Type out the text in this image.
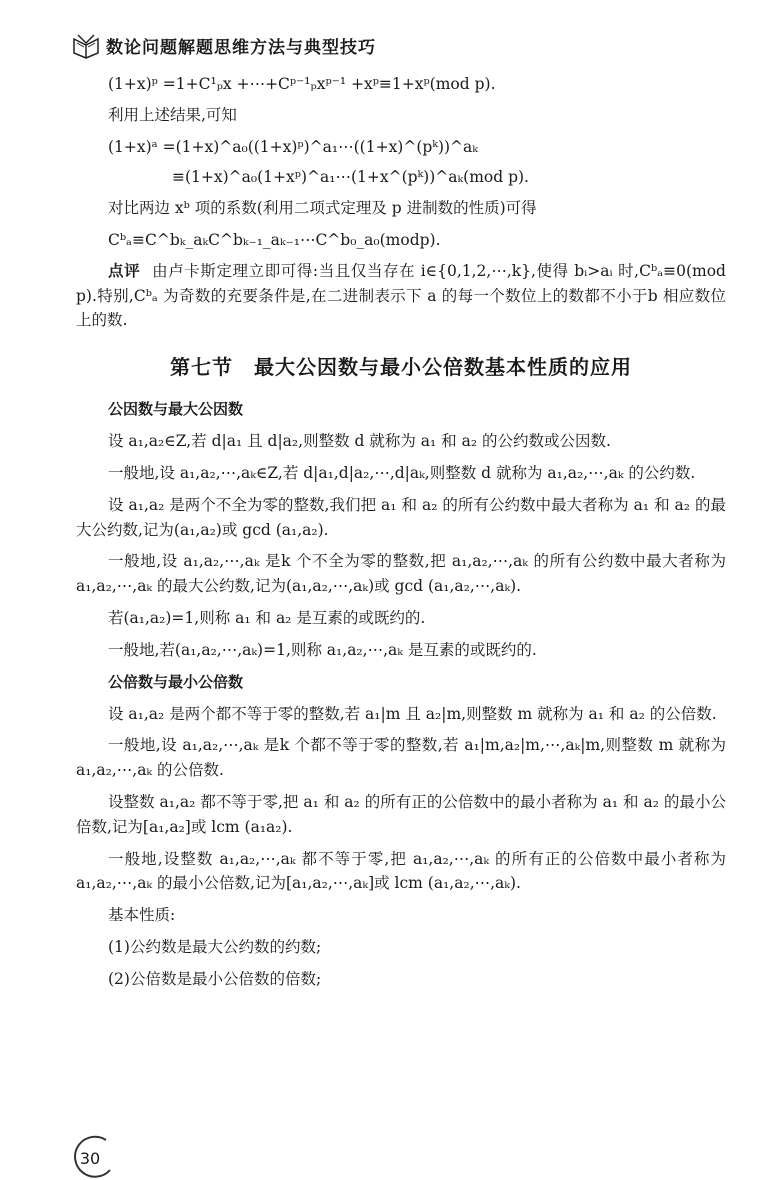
数论问题解题思维方法与典型技巧

(1+x)ᵖ =1+C¹ₚx +⋯+Cᵖ⁻¹ₚxᵖ⁻¹ +xᵖ≡1+xᵖ(mod p).

利用上述结果,可知

(1+x)ᵃ =(1+x)^a₀((1+x)ᵖ)^a₁⋯((1+x)^(pᵏ))^aₖ

≡(1+x)^a₀(1+xᵖ)^a₁⋯(1+x^(pᵏ))^aₖ(mod p).

对比两边 xᵇ 项的系数(利用二项式定理及 p 进制数的性质)可得

Cᵇₐ≡C^bₖ_aₖC^bₖ₋₁_aₖ₋₁⋯C^b₀_a₀(modp).

点评 由卢卡斯定理立即可得:当且仅当存在 i∈{0,1,2,⋯,k},使得 bᵢ>aᵢ 时,Cᵇₐ≡0(mod p).特别,Cᵇₐ 为奇数的充要条件是,在二进制表示下 a 的每一个数位上的数都不小于b 相应数位上的数.

第七节　最大公因数与最小公倍数基本性质的应用
公因数与最大公因数

设 a₁,a₂∈Z,若 d|a₁ 且 d|a₂,则整数 d 就称为 a₁ 和 a₂ 的公约数或公因数.

一般地,设 a₁,a₂,⋯,aₖ∈Z,若 d|a₁,d|a₂,⋯,d|aₖ,则整数 d 就称为 a₁,a₂,⋯,aₖ 的公约数.

设 a₁,a₂ 是两个不全为零的整数,我们把 a₁ 和 a₂ 的所有公约数中最大者称为 a₁ 和 a₂ 的最大公约数,记为(a₁,a₂)或 gcd (a₁,a₂).

一般地,设 a₁,a₂,⋯,aₖ 是k 个不全为零的整数,把 a₁,a₂,⋯,aₖ 的所有公约数中最大者称为 a₁,a₂,⋯,aₖ 的最大公约数,记为(a₁,a₂,⋯,aₖ)或 gcd (a₁,a₂,⋯,aₖ).

若(a₁,a₂)=1,则称 a₁ 和 a₂ 是互素的或既约的.

一般地,若(a₁,a₂,⋯,aₖ)=1,则称 a₁,a₂,⋯,aₖ 是互素的或既约的.

公倍数与最小公倍数

设 a₁,a₂ 是两个都不等于零的整数,若 a₁|m 且 a₂|m,则整数 m 就称为 a₁ 和 a₂ 的公倍数.

一般地,设 a₁,a₂,⋯,aₖ 是k 个都不等于零的整数,若 a₁|m,a₂|m,⋯,aₖ|m,则整数 m 就称为 a₁,a₂,⋯,aₖ 的公倍数.

设整数 a₁,a₂ 都不等于零,把 a₁ 和 a₂ 的所有正的公倍数中的最小者称为 a₁ 和 a₂ 的最小公倍数,记为[a₁,a₂]或 lcm (a₁a₂).

一般地,设整数 a₁,a₂,⋯,aₖ 都不等于零,把 a₁,a₂,⋯,aₖ 的所有正的公倍数中最小者称为 a₁,a₂,⋯,aₖ 的最小公倍数,记为[a₁,a₂,⋯,aₖ]或 lcm (a₁,a₂,⋯,aₖ).

基本性质:

(1)公约数是最大公约数的约数;

(2)公倍数是最小公倍数的倍数;

30
